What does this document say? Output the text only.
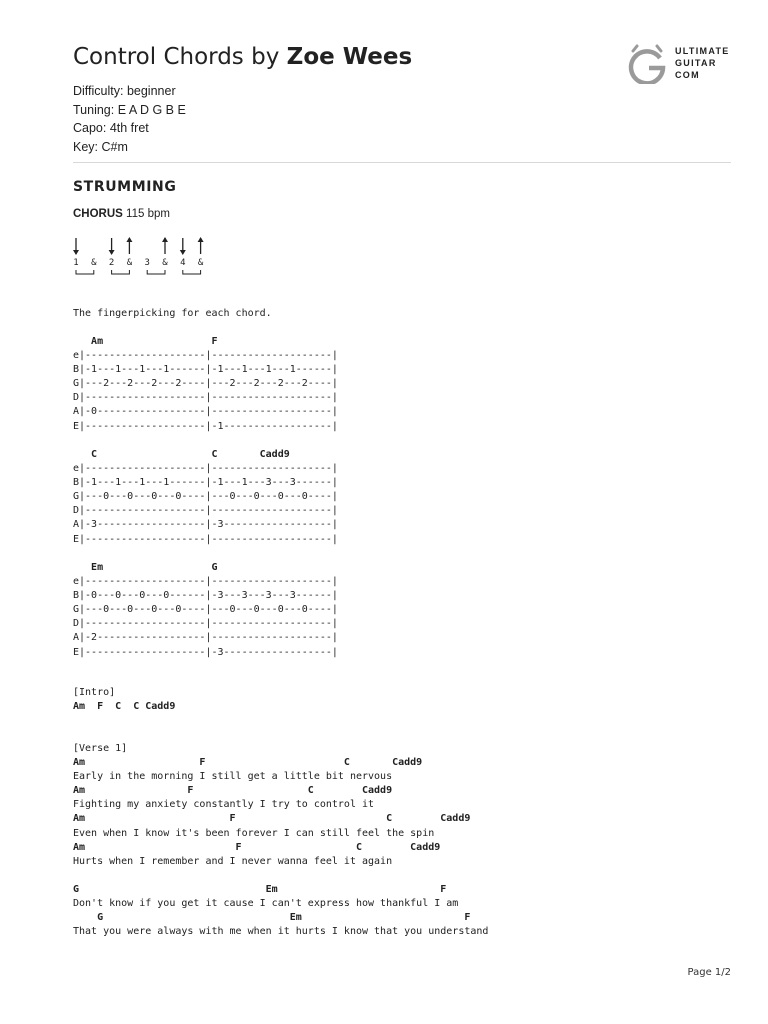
Control Chords by Zoe Wees
Difficulty: beginner
Tuning: E A D G B E
Capo: 4th fret
Key: C#m
ULTIMATE
GUITAR
COM
STRUMMING
CHORUS 115 bpm
1 & 2 & 3 & 4 &
The fingerpicking for each chord.
Am                  F
e|--------------------|--------------------|
B|-1---1---1---1------|-1---1---1---1------|
G|---2---2---2---2----|---2---2---2---2----|
D|--------------------|--------------------|
A|-0------------------|--------------------|
E|--------------------|-1------------------|
C                   C       Cadd9
e|--------------------|--------------------|
B|-1---1---1---1------|-1---1---3---3------|
G|---0---0---0---0----|---0---0---0---0----|
D|--------------------|--------------------|
A|-3------------------|-3------------------|
E|--------------------|--------------------|
Em                  G
e|--------------------|--------------------|
B|-0---0---0---0------|-3---3---3---3------|
G|---0---0---0---0----|---0---0---0---0----|
D|--------------------|--------------------|
A|-2------------------|--------------------|
E|--------------------|-3------------------|
[Intro]
Am  F  C  C Cadd9
[Verse 1]
Am                   F                       C       Cadd9
Early in the morning I still get a little bit nervous
Am                 F                   C        Cadd9
Fighting my anxiety constantly I try to control it
Am                        F                         C        Cadd9
Even when I know it's been forever I can still feel the spin
Am                         F                   C        Cadd9
Hurts when I remember and I never wanna feel it again

G                               Em                           F
Don't know if you get it cause I can't express how thankful I am
G                               Em                           F
That you were always with me when it hurts I know that you understand
Page 1/2
